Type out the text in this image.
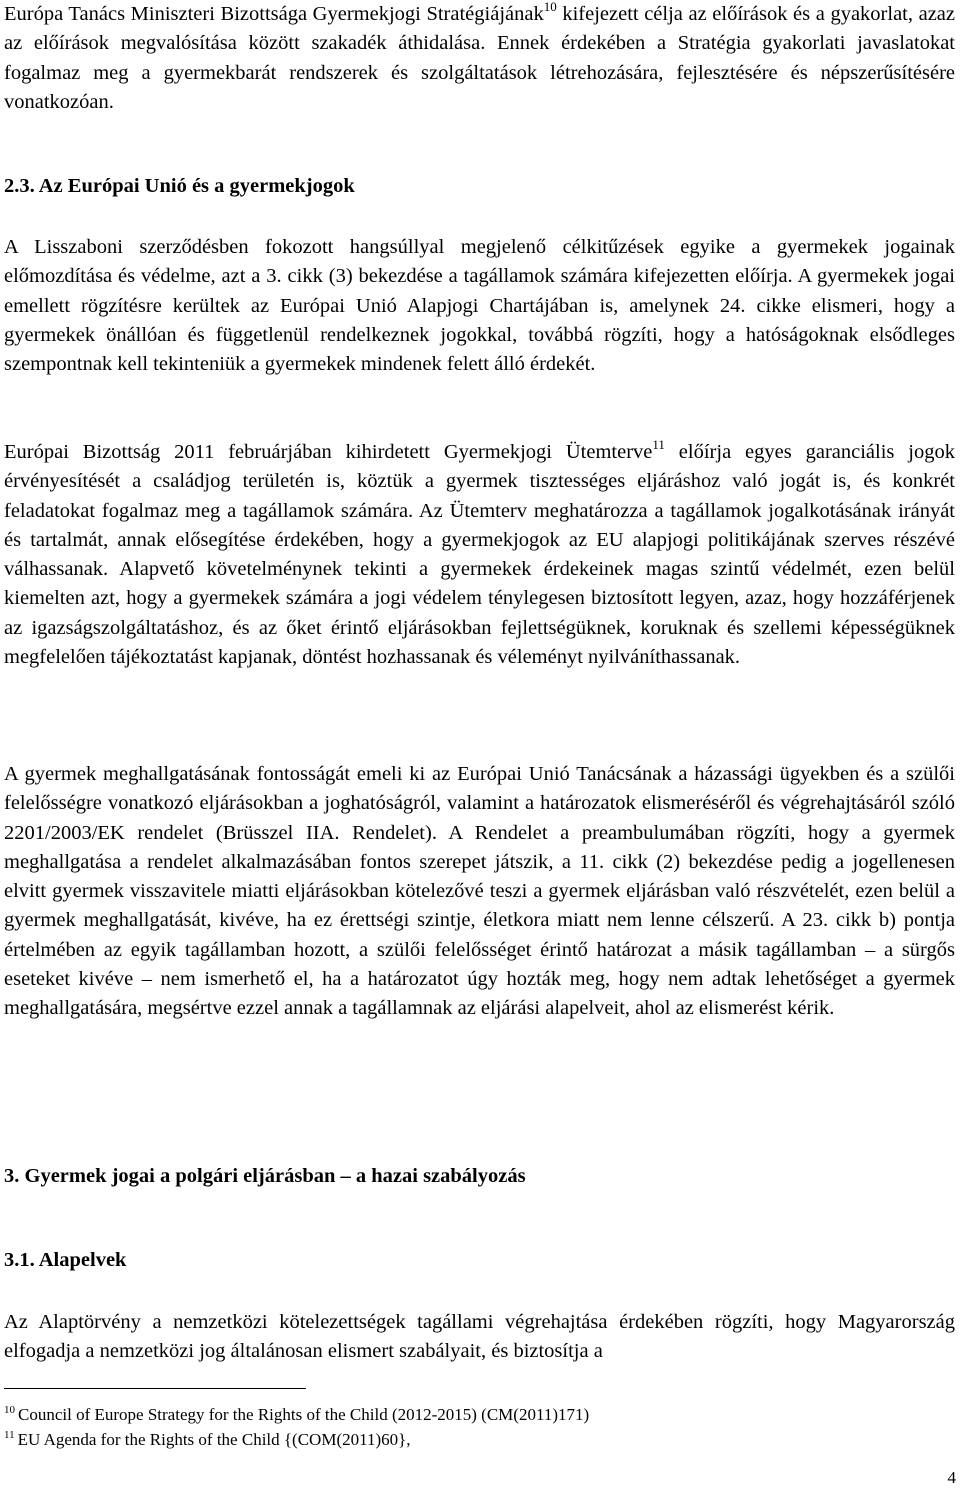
Európa Tanács Miniszteri Bizottsága Gyermekjogi Stratégiájának$^{10}$ kifejezett célja az előírások és a gyakorlat, azaz az előírások megvalósítása között szakadék áthidalása. Ennek érdekében a Stratégia gyakorlati javaslatokat fogalmaz meg a gyermekbarát rendszerek és szolgáltatások létrehozására, fejlesztésére és népszerűsítésére vonatkozóan.

2.3. Az Európai Unió és a gyermekjogok

A Lisszaboni szerződésben fokozott hangsúllyal megjelenő célkitűzések egyike a gyermekek jogainak előmozdítása és védelme, azt a 3. cikk (3) bekezdése a tagállamok számára kifejezetten előírja. A gyermekek jogai emellett rögzítésre kerültek az Európai Unió Alapjogi Chartájában is, amelynek 24. cikke elismeri, hogy a gyermekek önállóan és függetlenül rendelkeznek jogokkal, továbbá rögzíti, hogy a hatóságoknak elsődleges szempontnak kell tekinteniük a gyermekek mindenek felett álló érdekét.

Európai Bizottság 2011 februárjában kihirdetett Gyermekjogi Ütemterve$^{11}$ előírja egyes garanciális jogok érvényesítését a családjog területén is, köztük a gyermek tisztességes eljáráshoz való jogát is, és konkrét feladatokat fogalmaz meg a tagállamok számára. Az Ütemterv meghatározza a tagállamok jogalkotásának irányát és tartalmát, annak elősegítése érdekében, hogy a gyermekjogok az EU alapjogi politikájának szerves részévé válhassanak. Alapvető követelménynek tekinti a gyermekek érdekeinek magas szintű védelmét, ezen belül kiemelten azt, hogy a gyermekek számára a jogi védelem ténylegesen biztosított legyen, azaz, hogy hozzáférjenek az igazságszolgáltatáshoz, és az őket érintő eljárásokban fejlettségüknek, koruknak és szellemi képességüknek megfelelően tájékoztatást kapjanak, döntést hozhassanak és véleményt nyilváníthassanak.

A gyermek meghallgatásának fontosságát emeli ki az Európai Unió Tanácsának a házassági ügyekben és a szülői felelősségre vonatkozó eljárásokban a joghatóságról, valamint a határozatok elismeréséről és végrehajtásáról szóló 2201/2003/EK rendelet (Brüsszel IIA. Rendelet). A Rendelet a preambulumában rögzíti, hogy a gyermek meghallgatása a rendelet alkalmazásában fontos szerepet játszik, a 11. cikk (2) bekezdése pedig a jogellenesen elvitt gyermek visszavitele miatti eljárásokban kötelezővé teszi a gyermek eljárásban való részvételét, ezen belül a gyermek meghallgatását, kivéve, ha ez érettségi szintje, életkora miatt nem lenne célszerű. A 23. cikk b) pontja értelmében az egyik tagállamban hozott, a szülői felelősséget érintő határozat a másik tagállamban – a sürgős eseteket kivéve – nem ismerhető el, ha a határozatot úgy hozták meg, hogy nem adtak lehetőséget a gyermek meghallgatására, megsértve ezzel annak a tagállamnak az eljárási alapelveit, ahol az elismerést kérik.

3. Gyermek jogai a polgári eljárásban – a hazai szabályozás
3.1. Alapelvek

Az Alaptörvény a nemzetközi kötelezettségek tagállami végrehajtása érdekében rögzíti, hogy Magyarország elfogadja a nemzetközi jog általánosan elismert szabályait, és biztosítja a

$^{10}$ Council of Europe Strategy for the Rights of the Child (2012-2015) (CM(2011)171)

$^{11}$ EU Agenda for the Rights of the Child {(COM(2011)60},

4
